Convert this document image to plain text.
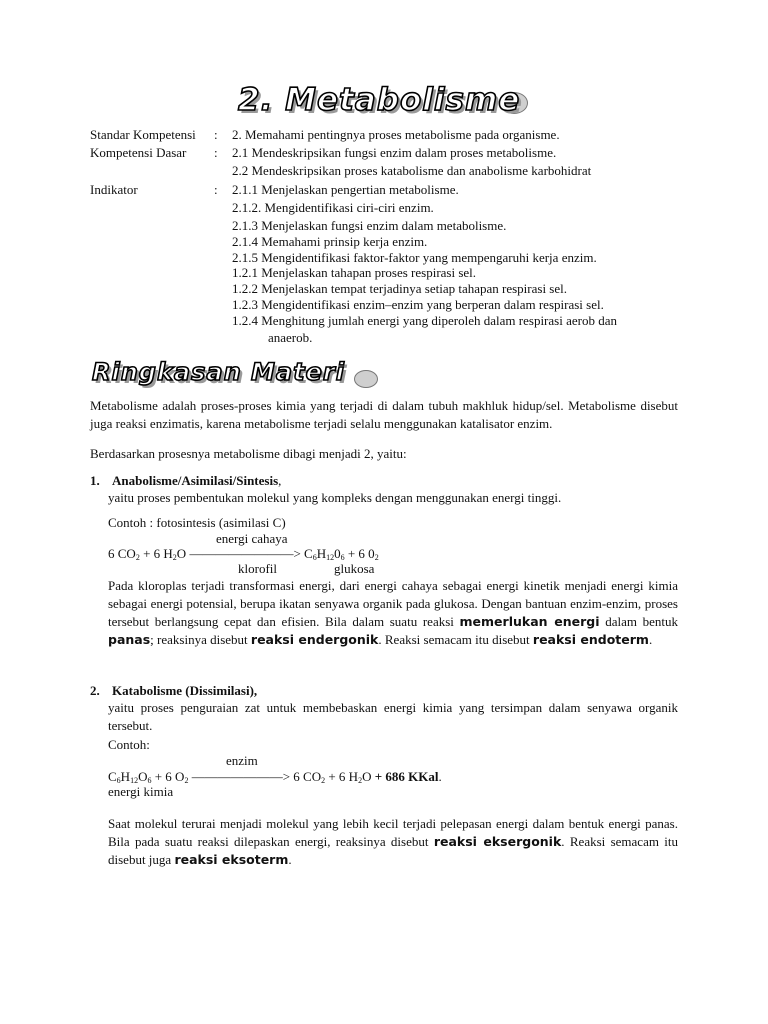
2. Metabolisme
Standar Kompetensi : 2. Memahami pentingnya proses metabolisme pada organisme.
Kompetensi Dasar : 2.1 Mendeskripsikan fungsi enzim dalam proses metabolisme.
2.2 Mendeskripsikan proses katabolisme dan anabolisme karbohidrat
Indikator	: 2.1.1 Menjelaskan pengertian metabolisme.
2.1.2. Mengidentifikasi ciri-ciri enzim.
2.1.3 Menjelaskan fungsi enzim dalam metabolisme.
2.1.4 Memahami prinsip kerja enzim.
2.1.5 Mengidentifikasi faktor-faktor yang mempengaruhi kerja enzim.
1.2.1 Menjelaskan tahapan proses respirasi sel.
1.2.2 Menjelaskan tempat terjadinya setiap tahapan respirasi sel.
1.2.3 Mengidentifikasi enzim–enzim yang berperan dalam respirasi sel.
1.2.4 Menghitung jumlah energi yang diperoleh dalam respirasi aerob dan
anaerob.
Ringkasan Materi
Metabolisme adalah proses-proses kimia yang terjadi di dalam tubuh makhluk hidup/sel. Metabolisme disebut juga reaksi enzimatis, karena metabolisme terjadi selalu menggunakan katalisator enzim.
Berdasarkan prosesnya metabolisme dibagi menjadi 2, yaitu:
1. Anabolisme/Asimilasi/Sintesis,
yaitu proses pembentukan molekul yang kompleks dengan menggunakan energi tinggi.
Contoh : fotosintesis (asimilasi C)
energi cahaya
6 $CO_2 + 6$ $H_2O$ ————————> $C_6H_{12}0_6 + 6$ $0_2$
klorofil	glukosa
Pada kloroplas terjadi transformasi energi, dari energi cahaya sebagai energi kinetik menjadi energi kimia sebagai energi potensial, berupa ikatan senyawa organik pada glukosa. Dengan bantuan enzim-enzim, proses tersebut berlangsung cepat dan efisien. Bila dalam suatu reaksi memerlukan energi dalam bentuk panas; reaksinya disebut reaksi endergonik. Reaksi semacam itu disebut reaksi endoterm.
2. Katabolisme (Dissimilasi),
yaitu proses penguraian zat untuk membebaskan energi kimia yang tersimpan dalam senyawa organik tersebut.
Contoh:
enzim
$C_6H_{12}O_6 + 6$ $O_2$ ———————> 6 $CO_2 + 6$ $H_2O + 686$ KKal.
energi kimia
Saat molekul terurai menjadi molekul yang lebih kecil terjadi pelepasan energi dalam bentuk energi panas. Bila pada suatu reaksi dilepaskan energi, reaksinya disebut reaksi eksergonik. Reaksi semacam itu disebut juga reaksi eksoterm.
